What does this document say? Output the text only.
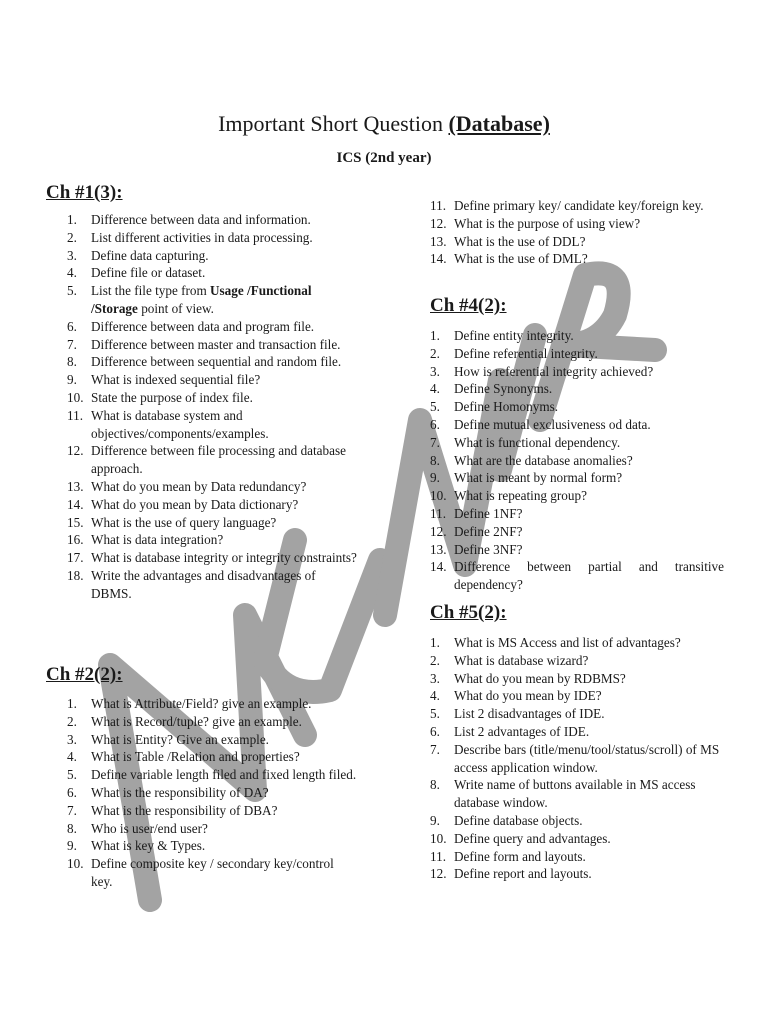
Important Short Question (Database)

ICS (2nd year)

Ch #1(3):
1.	Difference between data and information.
2.	List different activities in data processing.
3.	Define data capturing.
4.	Define file or dataset.
5.	List the file type from Usage /Functional /Storage point of view.
6.	Difference between data and program file.
7.	Difference between master and transaction file.
8.	Difference between sequential and random file.
9.	What is indexed sequential file?
10. State the purpose of index file.
11. What is database system and objectives/components/examples.
12. Difference between file processing and database approach.
13. What do you mean by Data redundancy?
14. What do you mean by Data dictionary?
15. What is the use of query language?
16. What is data integration?
17. What is database integrity or integrity constraints?
18. Write the advantages and disadvantages of DBMS.
Ch #2(2):
1.	What is Attribute/Field? give an example.
2.	What is Record/tuple? give an example.
3.	What is Entity? Give an example.
4.	What is Table /Relation and properties?
5.	Define variable length filed and fixed length filed.
6.	What is the responsibility of DA?
7.	What is the responsibility of DBA?
8.	Who is user/end user?
9.	What is key & Types.
10. Define composite key / secondary key/control key.
11. Define primary key/ candidate key/foreign key.
12. What is the purpose of using view?
13. What is the use of DDL?
14. What is the use of DML?
Ch #4(2):
1.	Define entity integrity.
2.	Define referential integrity.
3.	How is referential integrity achieved?
4.	Define Synonyms.
5.	Define Homonyms.
6.	Define mutual exclusiveness od data.
7.	What is functional dependency.
8.	What are the database anomalies?
9.	What is meant by normal form?
10. What is repeating group?
11. Define 1NF?
12. Define 2NF?
13. Define 3NF?
14. Difference between partial and transitive dependency?
Ch #5(2):
1.	What is MS Access and list of advantages?
2.	What is database wizard?
3.	What do you mean by RDBMS?
4.	What do you mean by IDE?
5.	List 2 disadvantages of IDE.
6.	List 2 advantages of IDE.
7.	Describe bars (title/menu/tool/status/scroll) of MS access application window.
8.	Write name of buttons available in MS access database window.
9.	Define database objects.
10. Define query and advantages.
11. Define form and layouts.
12. Define report and layouts.
